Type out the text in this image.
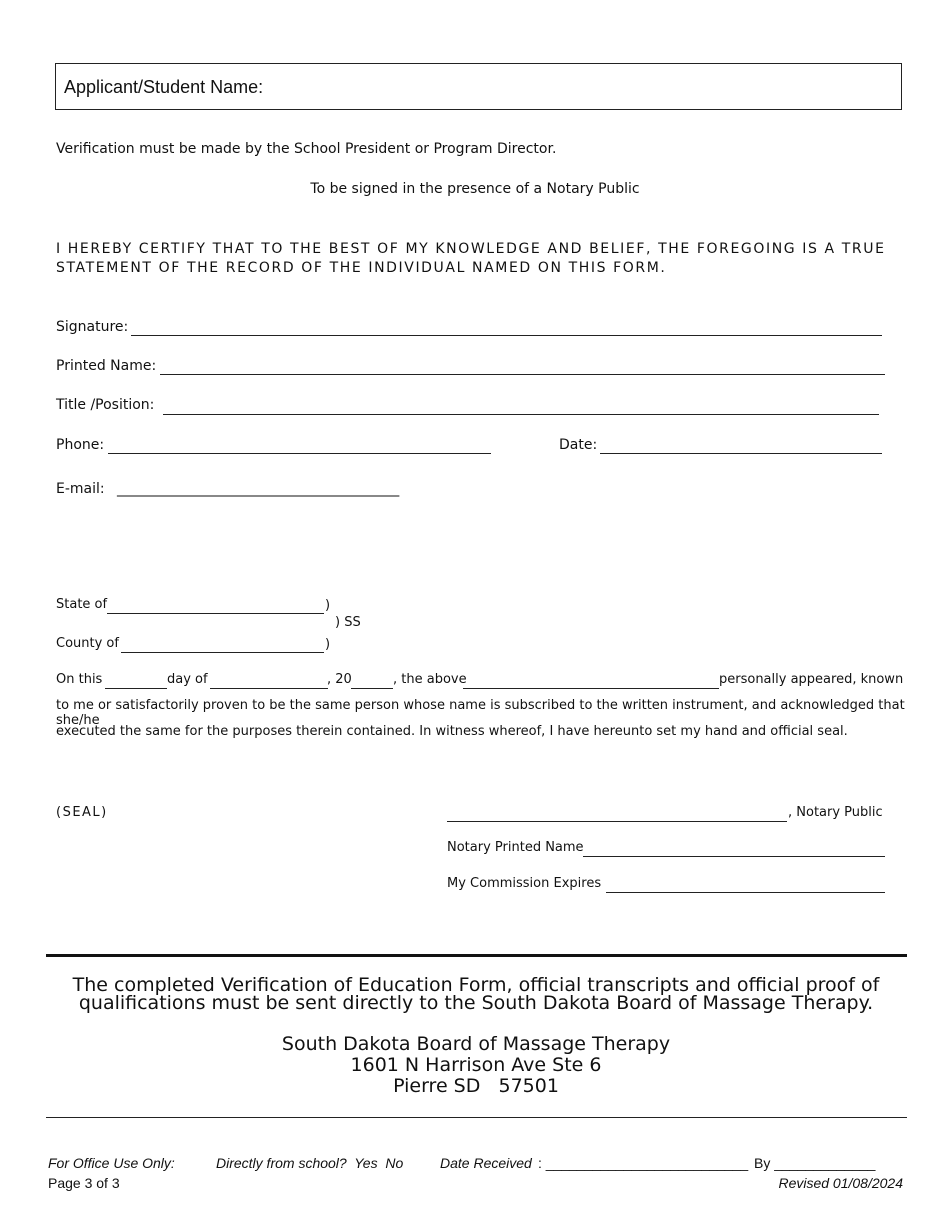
Applicant/Student Name:
Verification must be made by the School President or Program Director.
To be signed in the presence of a Notary Public
I HEREBY CERTIFY THAT TO THE BEST OF MY KNOWLEDGE AND BELIEF, THE FOREGOING IS A TRUE
STATEMENT OF THE RECORD OF THE INDIVIDUAL NAMED ON THIS FORM.
Signature:
Printed Name:
Title /Position:
Phone:	Date:
E-mail: ____________________________________________
State of	)
) SS
County of	)
On this	day of	, 20	, the above	personally appeared, known
to me or satisfactorily proven to be the same person whose name is subscribed to the written instrument, and acknowledged that she/he
executed the same for the purposes therein contained. In witness whereof, I have hereunto set my hand and official seal.
(SEAL)	, Notary Public
Notary Printed Name
My Commission Expires
The completed Verification of Education Form, official transcripts and official proof of
qualifications must be sent directly to the South Dakota Board of Massage Therapy.
South Dakota Board of Massage Therapy
1601 N Harrison Ave Ste 6
Pierre SD   57501
For Office Use Only:	Directly from school?  Yes  No	Date Received : __________________________ By _____________
Page 3 of 3	Revised 01/08/2024
